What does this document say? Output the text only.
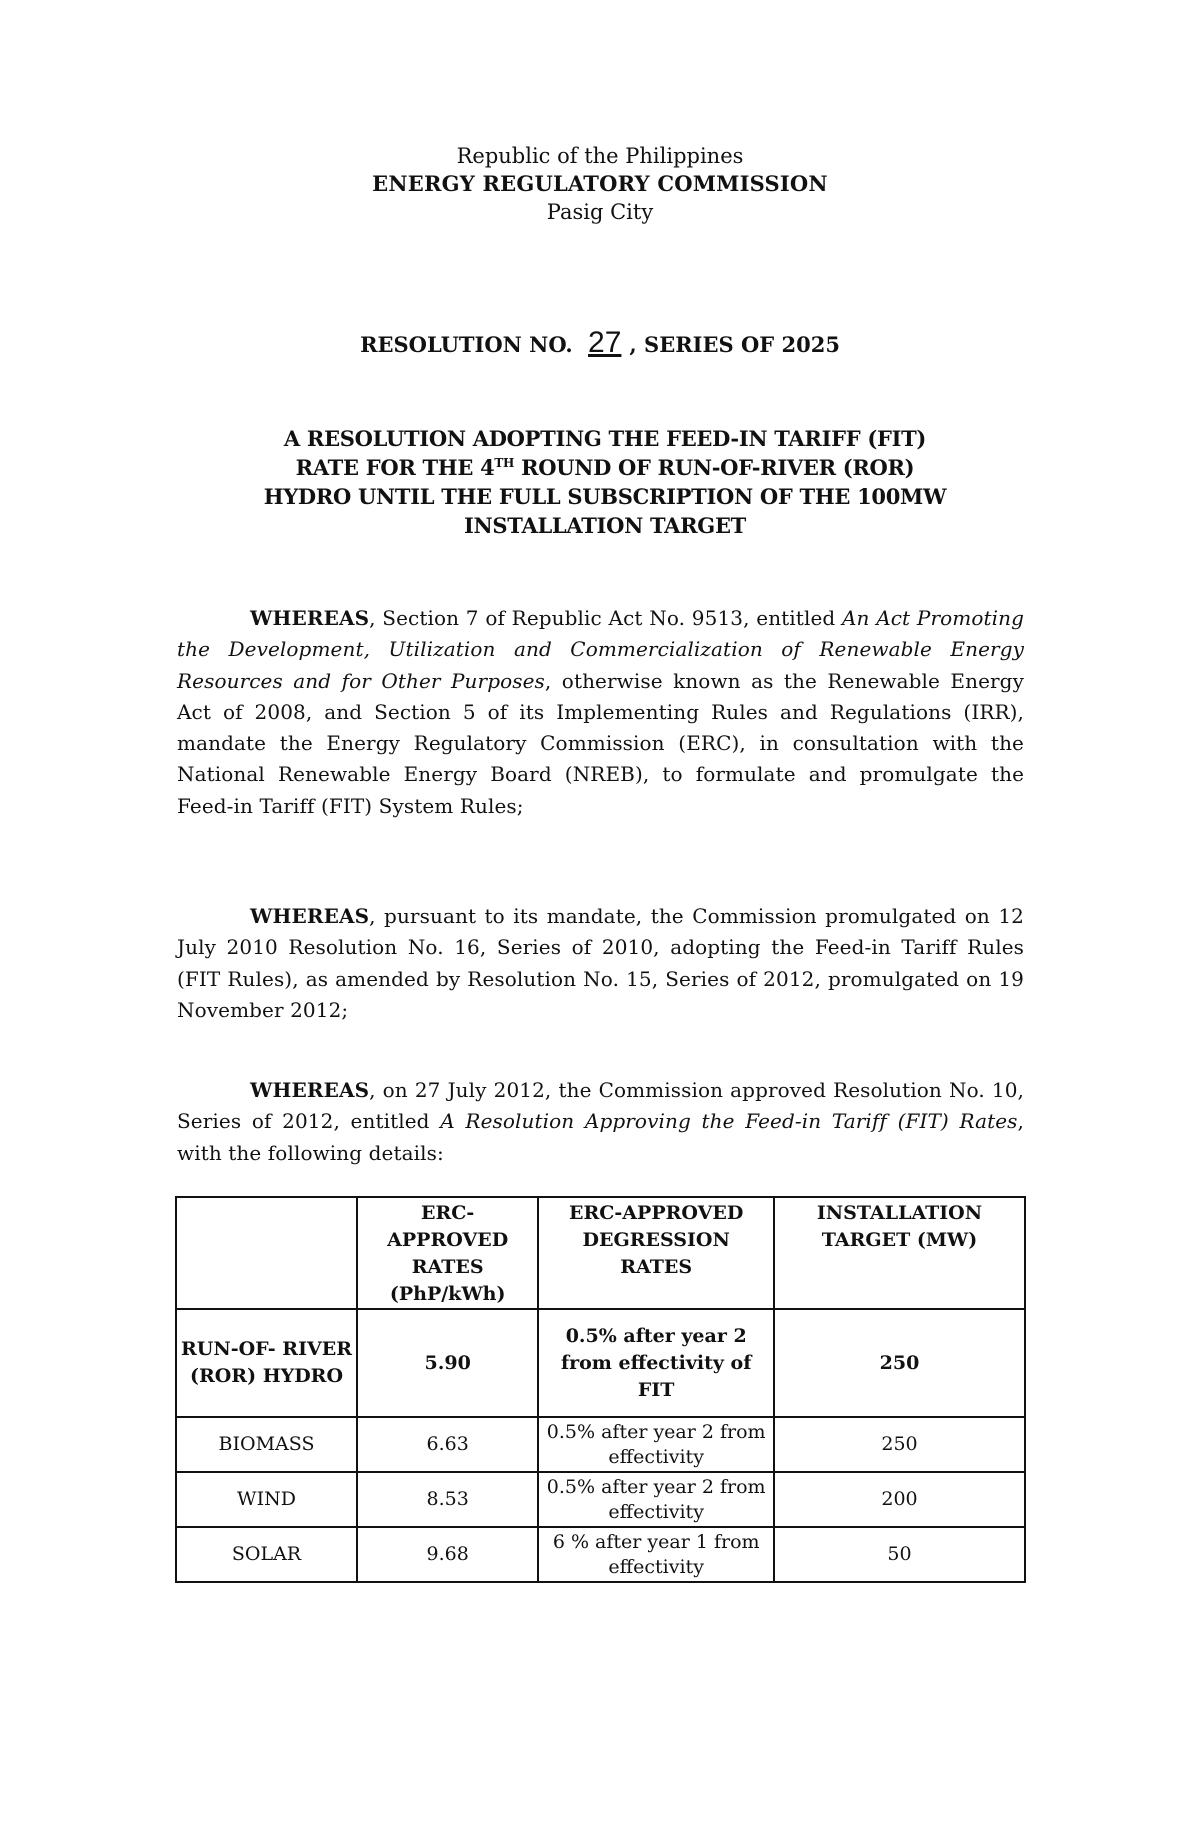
Republic of the Philippines
ENERGY REGULATORY COMMISSION
Pasig City
RESOLUTION NO. 27 , SERIES OF 2025
A RESOLUTION ADOPTING THE FEED-IN TARIFF (FIT)
RATE FOR THE 4TH ROUND OF RUN-OF-RIVER (ROR)
HYDRO UNTIL THE FULL SUBSCRIPTION OF THE 100MW
INSTALLATION TARGET

WHEREAS, Section 7 of Republic Act No. 9513, entitled An Act Promoting the Development, Utilization and Commercialization of Renewable Energy Resources and for Other Purposes, otherwise known as the Renewable Energy Act of 2008, and Section 5 of its Implementing Rules and Regulations (IRR), mandate the Energy Regulatory Commission (ERC), in consultation with the National Renewable Energy Board (NREB), to formulate and promulgate the Feed-in Tariff (FIT) System Rules;

WHEREAS, pursuant to its mandate, the Commission promulgated on 12 July 2010 Resolution No. 16, Series of 2010, adopting the Feed-in Tariff Rules (FIT Rules), as amended by Resolution No. 15, Series of 2012, promulgated on 19 November 2012;

WHEREAS, on 27 July 2012, the Commission approved Resolution No. 10, Series of 2012, entitled A Resolution Approving the Feed-in Tariff (FIT) Rates, with the following details:

	ERC- APPROVED RATES (PhP/kWh)	ERC-APPROVED DEGRESSION RATES	INSTALLATION TARGET (MW)
RUN-OF- RIVER (ROR) HYDRO	5.90	0.5% after year 2 from effectivity of FIT	250
BIOMASS	6.63	0.5% after year 2 from effectivity	250
WIND	8.53	0.5% after year 2 from effectivity	200
SOLAR	9.68	6 % after year 1 from effectivity	50
